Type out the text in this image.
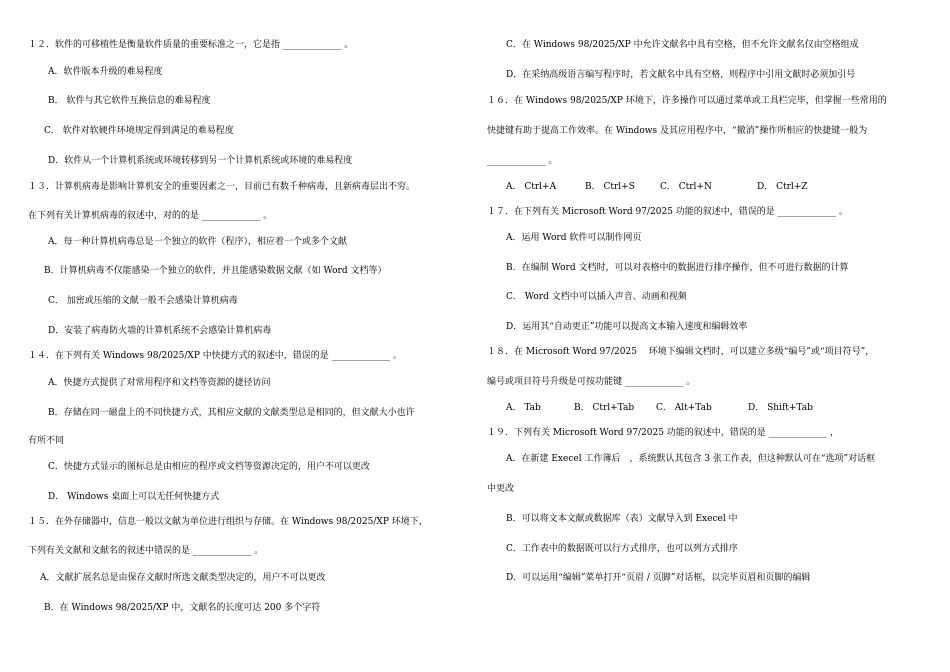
１２．软件的可移植性是衡量软件质量的重要标准之一，它是指 _____________ 。
A．软件版本升级的难易程度
B． 软件与其它软件互换信息的难易程度
C． 软件对软硬件环境规定得到满足的难易程度
D．软件从一个计算机系统或环境转移到另一个计算机系统或环境的难易程度
１３．计算机病毒是影响计算机安全的重要因素之一，目前已有数千种病毒，且新病毒层出不穷。
在下列有关计算机病毒的叙述中，对的的是 _____________ 。
A．每一种计算机病毒总是一个独立的软件（程序），相应着一个或多个文献
B．计算机病毒不仅能感染一个独立的软件，并且能感染数据文献（如 Word 文档等）
C． 加密或压缩的文献一般不会感染计算机病毒
D．安装了病毒防火墙的计算机系统不会感染计算机病毒
１４．在下列有关 Windows 98/2025/XP 中快捷方式的叙述中，错误的是 _____________ 。
A．快捷方式提供了对常用程序和文档等资源的捷径访问
B．存储在同一磁盘上的不同快捷方式，其相应文献的文献类型总是相同的，但文献大小也许
有所不同
C．快捷方式显示的图标总是由相应的程序或文档等资源决定的，用户不可以更改
D． Windows 桌面上可以无任何快捷方式
１５．在外存储器中，信息一般以文献为单位进行组织与存储。在 Windows 98/2025/XP 环境下，
下列有关文献和文献名的叙述中错误的是 _____________ 。
A．文献扩展名总是由保存文献时所选文献类型决定的，用户不可以更改
B．在 Windows 98/2025/XP 中，文献名的长度可达 200 多个字符
C．在 Windows 98/2025/XP 中允许文献名中具有空格，但不允许文献名仅由空格组成
D．在采纳高级语言编写程序时，若文献名中具有空格，则程序中引用文献时必须加引号
１６．在 Windows 98/2025/XP 环境下，许多操作可以通过菜单或工具栏完毕，但掌握一些常用的
快捷键有助于提高工作效率。在 Windows 及其应用程序中，“撤消”操作所相应的快捷键一般为
_____________ 。
A． Ctrl+A	B． Ctrl+S	C． Ctrl+N	D． Ctrl+Z
１７．在下列有关 Microsoft Word 97/2025 功能的叙述中，错误的是 _____________ 。
A．运用 Word 软件可以制作网页
B．在编制 Word 文档时，可以对表格中的数据进行排序操作，但不可进行数据的计算
C． Word 文档中可以插入声音、动画和视频
D．运用其“自动更正”功能可以提高文本输入速度和编辑效率
１８．在 Microsoft Word 97/2025　 环境下编辑文档时，可以建立多级“编号”或“项目符号”，
编号或项目符号升级是可按功能键 _____________ 。
A． Tab	B． Ctrl+Tab C． Alt+Tab	D． Shift+Tab
１９．下列有关 Microsoft Word 97/2025 功能的叙述中，错误的是 _____________ ，
A．在新建 Execel 工作簿后　，系统默认其包含 3 张工作表，但这种默认可在“选项”对话框
中更改
B．可以将文本文献或数据库（表）文献导入到 Execel 中
C．工作表中的数据既可以行方式排序，也可以列方式排序
D．可以运用“编辑”菜单打开“页眉 / 页脚”对话框，以完毕页眉和页脚的编辑
